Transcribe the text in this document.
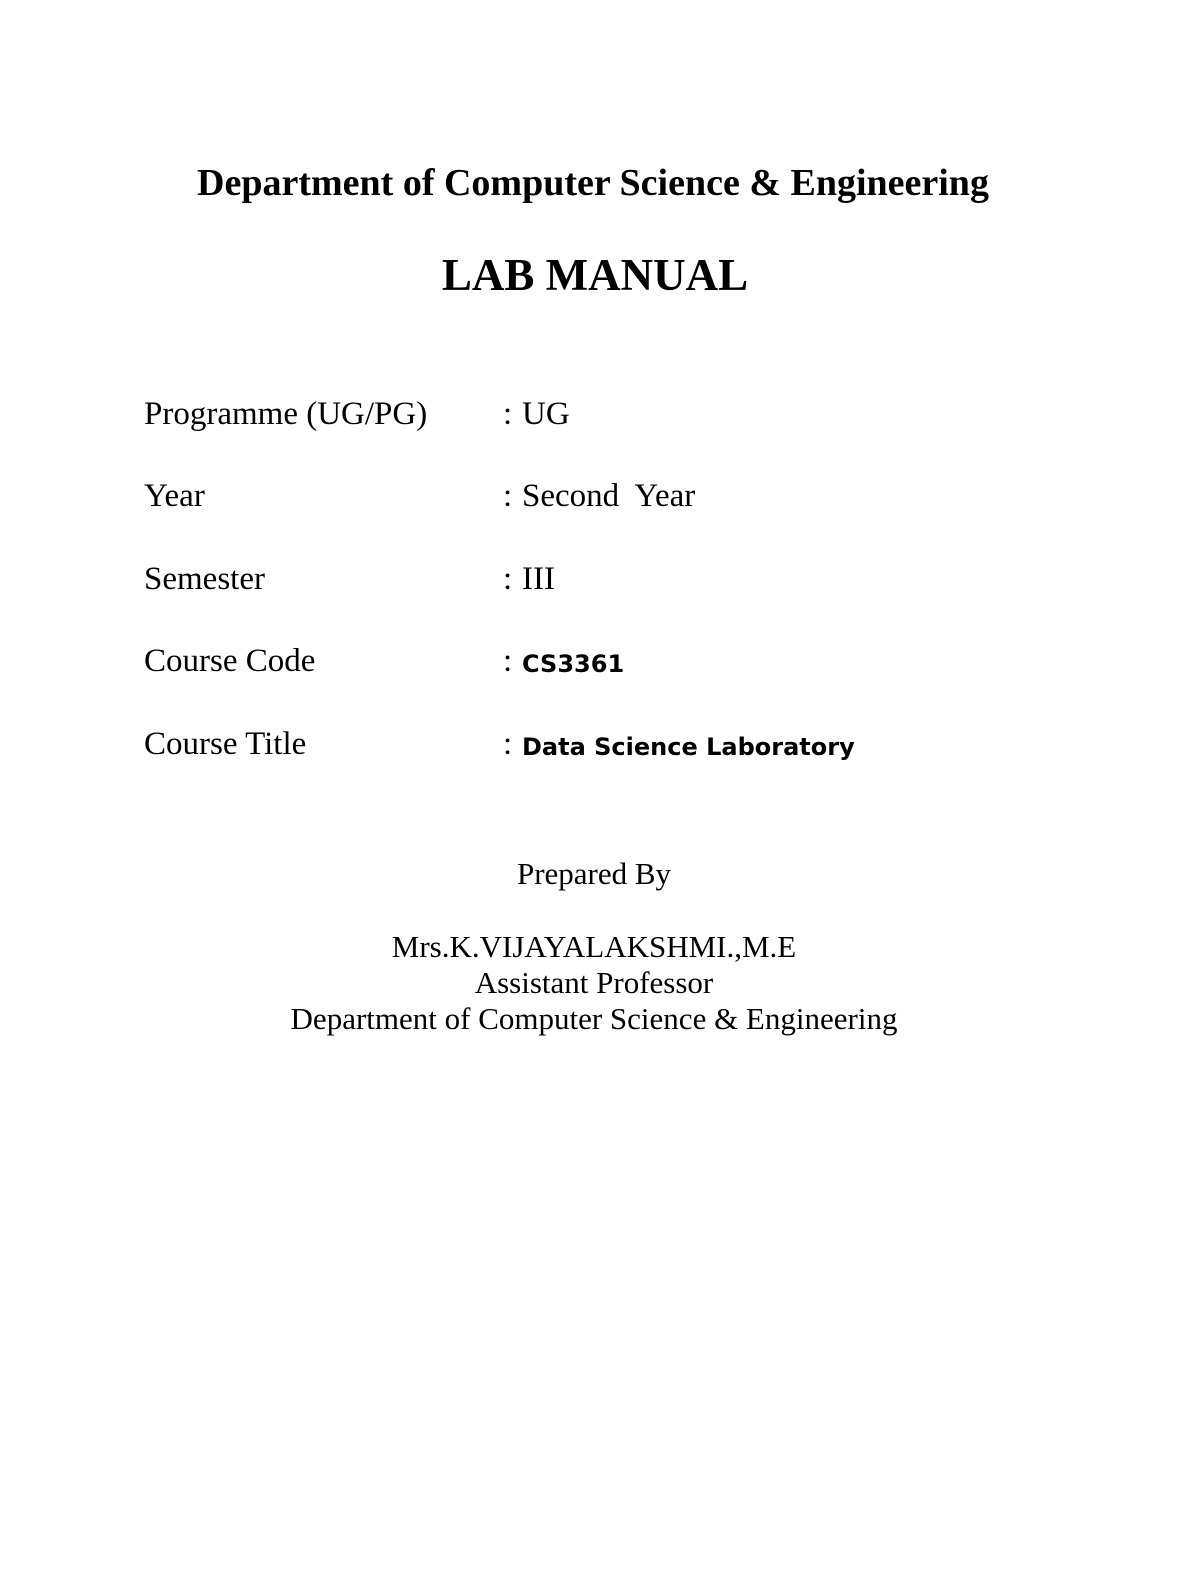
Department of Computer Science & Engineering
LAB MANUAL
Programme (UG/PG) : UG
Year	: Second  Year
Semester	: III
Course Code	: CS3361
Course Title	: Data Science Laboratory
Prepared By
Mrs.K.VIJAYALAKSHMI.,M.E
Assistant Professor
Department of Computer Science & Engineering
